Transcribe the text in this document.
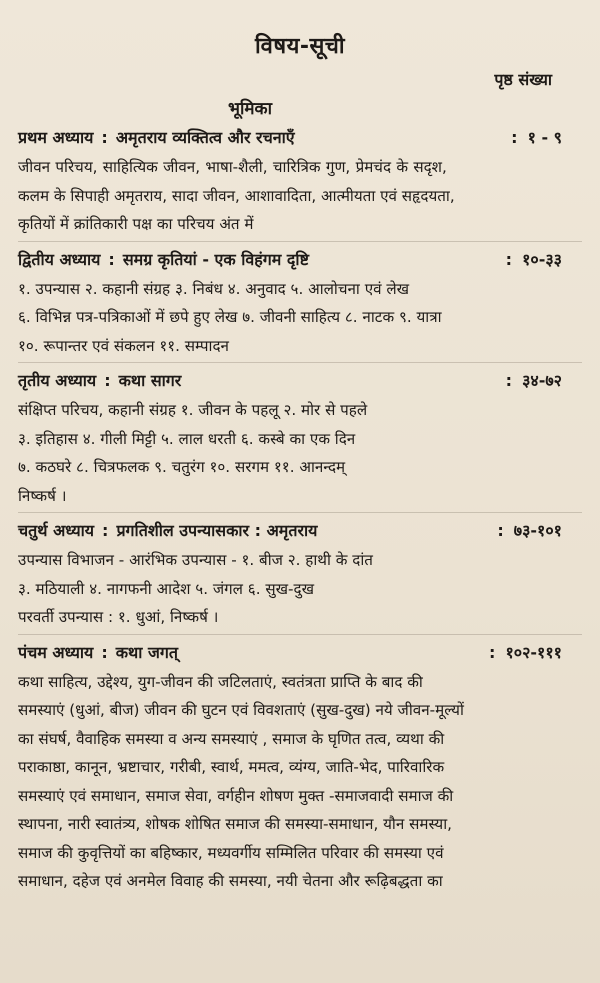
विषय-सूची
पृष्ठ संख्या
भूमिका
प्रथम अध्याय : अमृतराय व्यक्तित्व और रचनाएँ	: १ - ९
जीवन परिचय, साहित्यिक जीवन, भाषा-शैली, चारित्रिक गुण, प्रेमचंद के सदृश,
कलम के सिपाही अमृतराय, सादा जीवन, आशावादिता, आत्मीयता एवं सहृदयता,
कृतियों में क्रांतिकारी पक्ष का परिचय अंत में
द्वितीय अध्याय : समग्र कृतियां - एक विहंगम दृष्टि	: १०-३३
१. उपन्यास २. कहानी संग्रह ३. निबंध ४. अनुवाद ५. आलोचना एवं लेख
६. विभिन्न पत्र-पत्रिकाओं में छपे हुए लेख ७. जीवनी साहित्य ८. नाटक ९. यात्रा
१०. रूपान्तर एवं संकलन ११. सम्पादन
तृतीय अध्याय : कथा सागर	: ३४-७२
संक्षिप्त परिचय, कहानी संग्रह १. जीवन के पहलू २. मोर से पहले
३. इतिहास ४. गीली मिट्टी ५. लाल धरती ६. कस्बे का एक दिन
७. कठघरे ८. चित्रफलक ९. चतुरंग १०. सरगम ११. आनन्दम्
निष्कर्ष ।
चतुर्थ अध्याय : प्रगतिशील उपन्यासकार : अमृतराय	: ७३-१०१
उपन्यास विभाजन - आरंभिक उपन्यास - १. बीज २. हाथी के दांत
३. मठियाली ४. नागफनी आदेश ५. जंगल ६. सुख-दुख
परवर्ती उपन्यास : १. धुआं, निष्कर्ष ।
पंचम अध्याय : कथा जगत्	: १०२-१११
कथा साहित्य, उद्देश्य, युग-जीवन की जटिलताएं, स्वतंत्रता प्राप्ति के बाद की
समस्याएं (धुआं, बीज) जीवन की घुटन एवं विवशताएं (सुख-दुख) नये जीवन-मूल्यों
का संघर्ष, वैवाहिक समस्या व अन्य समस्याएं , समाज के घृणित तत्व, व्यथा की
पराकाष्ठा, कानून, भ्रष्टाचार, गरीबी, स्वार्थ, ममत्व, व्यंग्य, जाति-भेद, पारिवारिक
समस्याएं एवं समाधान, समाज सेवा, वर्गहीन शोषण मुक्त -समाजवादी समाज की
स्थापना, नारी स्वातंत्र्य, शोषक शोषित समाज की समस्या-समाधान, यौन समस्या,
समाज की कुवृत्तियों का बहिष्कार, मध्यवर्गीय सम्मिलित परिवार की समस्या एवं
समाधान, दहेज एवं अनमेल विवाह की समस्या, नयी चेतना और रूढ़िबद्धता का
